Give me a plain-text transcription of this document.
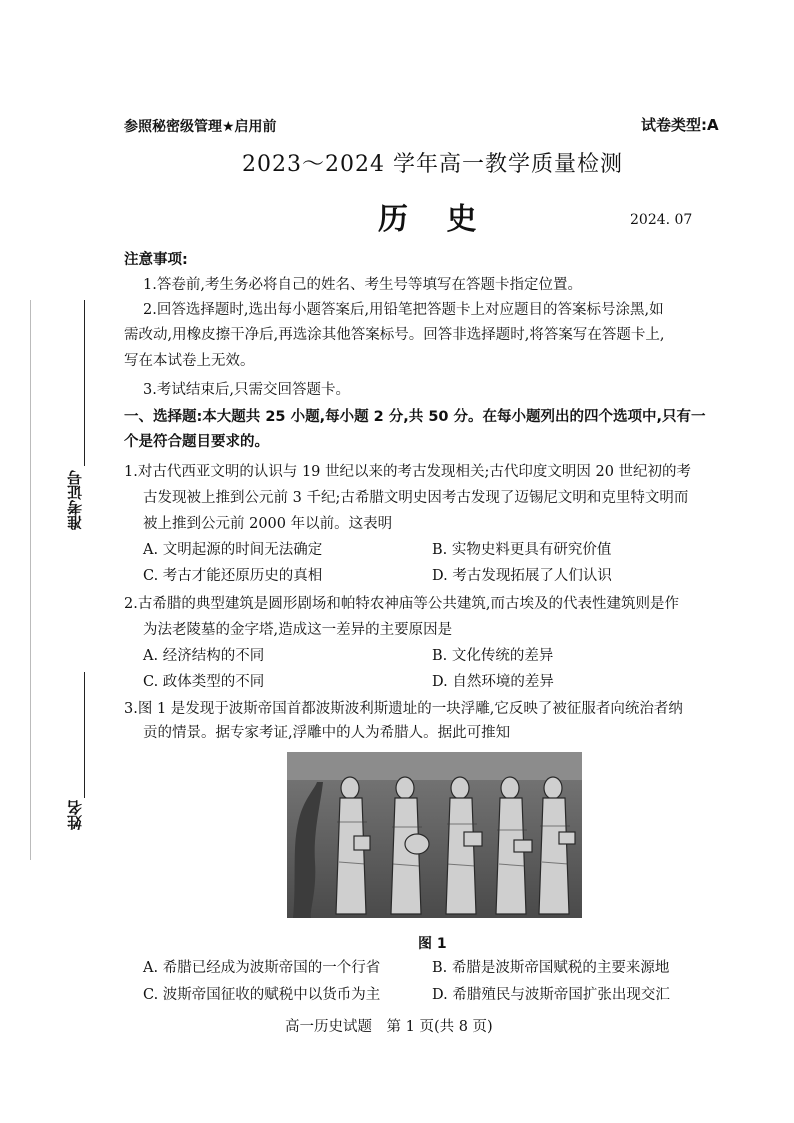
准考证号
姓名
参照秘密级管理★启用前	试卷类型:A
2023～2024 学年高一教学质量检测
历 史	2024. 07
注意事项:
1.答卷前,考生务必将自己的姓名、考生号等填写在答题卡指定位置。
2.回答选择题时,选出每小题答案后,用铅笔把答题卡上对应题目的答案标号涂黑,如
需改动,用橡皮擦干净后,再选涂其他答案标号。回答非选择题时,将答案写在答题卡上,
写在本试卷上无效。
3.考试结束后,只需交回答题卡。
一、选择题:本大题共 25 小题,每小题 2 分,共 50 分。在每小题列出的四个选项中,只有一
个是符合题目要求的。
1.对古代西亚文明的认识与 19 世纪以来的考古发现相关;古代印度文明因 20 世纪初的考
古发现被上推到公元前 3 千纪;古希腊文明史因考古发现了迈锡尼文明和克里特文明而
被上推到公元前 2000 年以前。这表明
A. 文明起源的时间无法确定	B. 实物史料更具有研究价值
C. 考古才能还原历史的真相	D. 考古发现拓展了人们认识
2.古希腊的典型建筑是圆形剧场和帕特农神庙等公共建筑,而古埃及的代表性建筑则是作
为法老陵墓的金字塔,造成这一差异的主要原因是
A. 经济结构的不同	B. 文化传统的差异
C. 政体类型的不同	D. 自然环境的差异
3.图 1 是发现于波斯帝国首都波斯波利斯遗址的一块浮雕,它反映了被征服者向统治者纳
贡的情景。据专家考证,浮雕中的人为希腊人。据此可推知
图 1
A. 希腊已经成为波斯帝国的一个行省	B. 希腊是波斯帝国赋税的主要来源地
C. 波斯帝国征收的赋税中以货币为主	D. 希腊殖民与波斯帝国扩张出现交汇
高一历史试题　第 1 页(共 8 页)
